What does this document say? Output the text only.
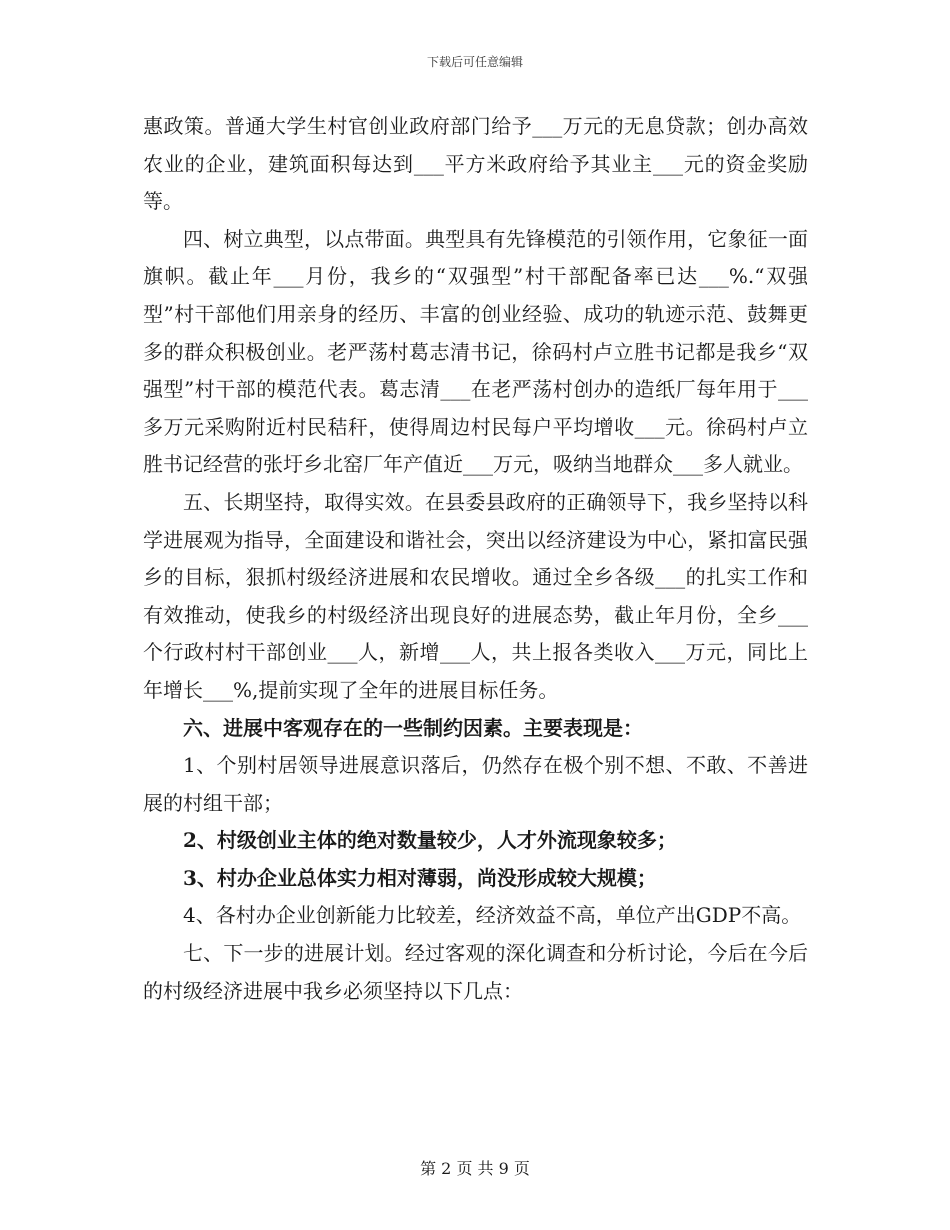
下载后可任意编辑

惠政策。普通大学生村官创业政府部门给予___万元的无息贷款；创办高效农业的企业，建筑面积每达到___平方米政府给予其业主___元的资金奖励等。

四、树立典型，以点带面。典型具有先锋模范的引领作用，它象征一面旗帜。截止年___月份，我乡的“双强型”村干部配备率已达___%.“双强型”村干部他们用亲身的经历、丰富的创业经验、成功的轨迹示范、鼓舞更多的群众积极创业。老严荡村葛志清书记，徐码村卢立胜书记都是我乡“双强型”村干部的模范代表。葛志清___在老严荡村创办的造纸厂每年用于___多万元采购附近村民秸秆，使得周边村民每户平均增收___元。徐码村卢立胜书记经营的张圩乡北窑厂年产值近___万元，吸纳当地群众___多人就业。

五、长期坚持，取得实效。在县委县政府的正确领导下，我乡坚持以科学进展观为指导，全面建设和谐社会，突出以经济建设为中心，紧扣富民强乡的目标，狠抓村级经济进展和农民增收。通过全乡各级___的扎实工作和有效推动，使我乡的村级经济出现良好的进展态势，截止年月份，全乡___个行政村村干部创业___人，新增___人，共上报各类收入___万元，同比上年增长___%,提前实现了全年的进展目标任务。

六、进展中客观存在的一些制约因素。主要表现是：

1、个别村居领导进展意识落后，仍然存在极个别不想、不敢、不善进展的村组干部；

2、村级创业主体的绝对数量较少，人才外流现象较多；

3、村办企业总体实力相对薄弱，尚没形成较大规模；

4、各村办企业创新能力比较差，经济效益不高，单位产出GDP不高。

七、下一步的进展计划。经过客观的深化调查和分析讨论，今后在今后的村级经济进展中我乡必须坚持以下几点：

第 2 页 共 9 页
